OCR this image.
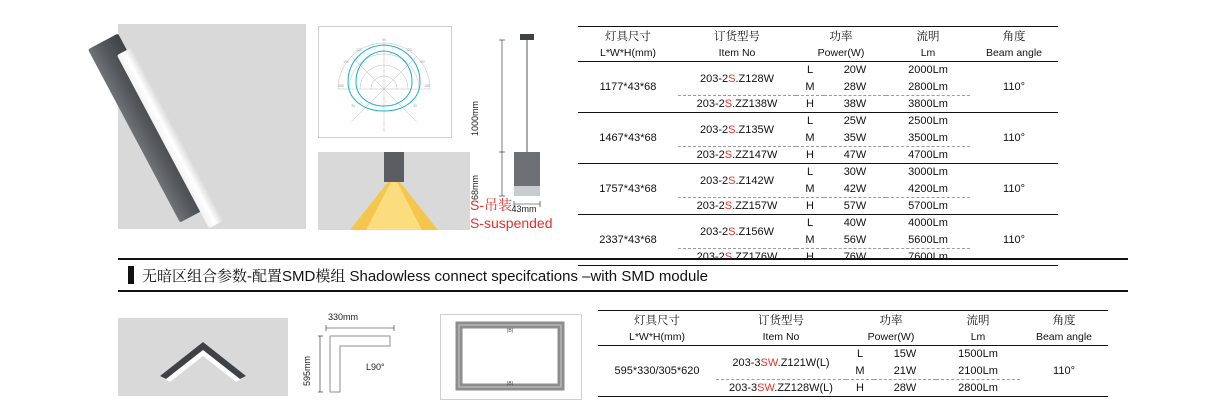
180	180
150	150
120	120
90
30	30
0	1000mm
68mm
43mm
S-吊装
S-suspended
灯具尺寸	订货型号	功率		流明	角度
L*W*H(mm)	Item No	Power(W)		Lm	Beam angle
1177*43*68	203-2S.Z128W	L	20W	2000Lm	110°
		M	28W	2800Lm	
	203-2S.ZZ138W	H	38W	3800Lm	
1467*43*68	203-2S.Z135W	L	25W	2500Lm	110°
		M	35W	3500Lm	
	203-2S.ZZ147W	H	47W	4700Lm	
1757*43*68	203-2S.Z142W	L	30W	3000Lm	110°
		M	42W	4200Lm	
	203-2S.ZZ157W	H	57W	5700Lm	
2337*43*68	203-2S.Z156W	L	40W	4000Lm	110°
		M	56W	5600Lm	
	203-2S.ZZ176W	H	76W	7600Lm	
无暗区组合参数-配置SMD模组 Shadowless connect specifcations –with SMD module
330mm
595mm	L90°
(B)
(B)
灯具尺寸	订货型号	功率		流明	角度
L*W*H(mm)	Item No	Power(W)		Lm	Beam angle
595*330/305*620	203-3SW.Z121W(L)	L	15W	1500Lm	110°
		M	21W	2100Lm	
	203-3SW.ZZ128W(L)	H	28W	2800Lm	
